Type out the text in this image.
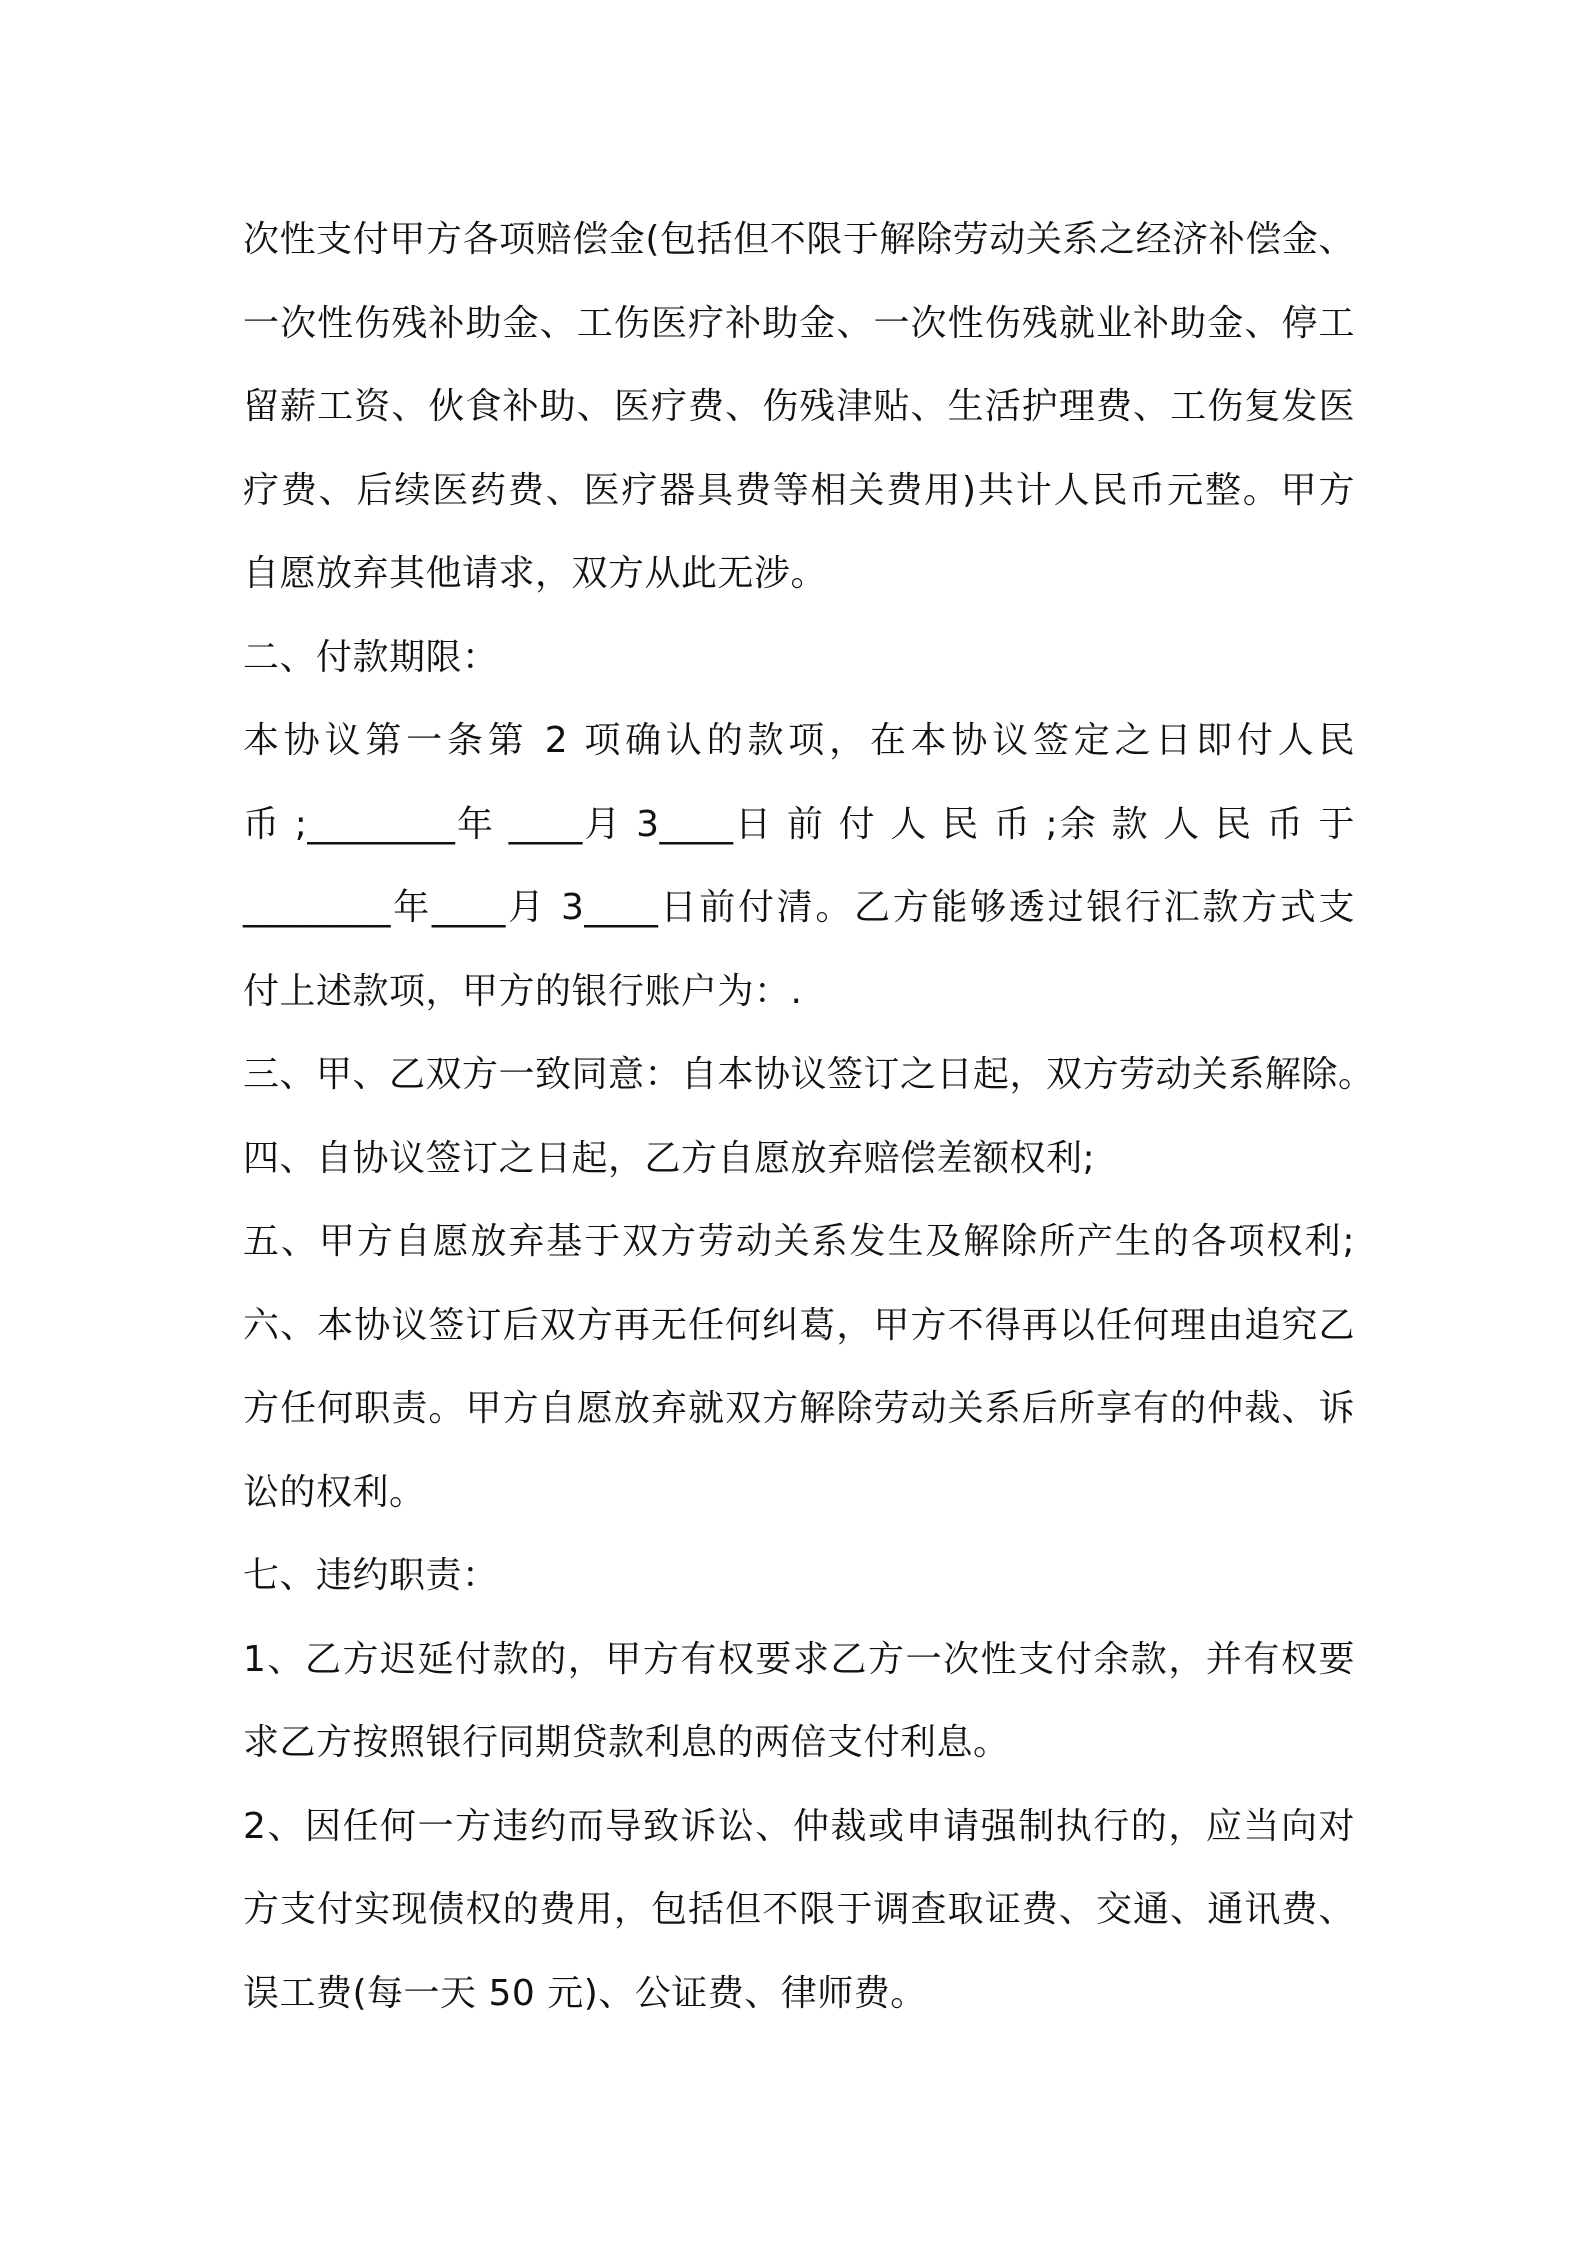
次性支付甲方各项赔偿金(包括但不限于解除劳动关系之经济补偿金、
一次性伤残补助金、工伤医疗补助金、一次性伤残就业补助金、停工
留薪工资、伙食补助、医疗费、伤残津贴、生活护理费、工伤复发医
疗费、后续医药费、医疗器具费等相关费用)共计人民币元整。甲方
自愿放弃其他请求，双方从此无涉。
二、付款期限：
本协议第一条第 2 项确认的款项，在本协议签定之日即付人民
币 ;________年 ____月 3____日 前 付 人 民 币 ;余 款 人 民 币 于
________年____月 3____日前付清。乙方能够透过银行汇款方式支
付上述款项，甲方的银行账户为：.
三、甲、乙双方一致同意：自本协议签订之日起，双方劳动关系解除。
四、自协议签订之日起，乙方自愿放弃赔偿差额权利;
五、甲方自愿放弃基于双方劳动关系发生及解除所产生的各项权利;
六、本协议签订后双方再无任何纠葛，甲方不得再以任何理由追究乙
方任何职责。甲方自愿放弃就双方解除劳动关系后所享有的仲裁、诉
讼的权利。
七、违约职责：
1、乙方迟延付款的，甲方有权要求乙方一次性支付余款，并有权要
求乙方按照银行同期贷款利息的两倍支付利息。
2、因任何一方违约而导致诉讼、仲裁或申请强制执行的，应当向对
方支付实现债权的费用，包括但不限于调查取证费、交通、通讯费、
误工费(每一天 50 元)、公证费、律师费。
